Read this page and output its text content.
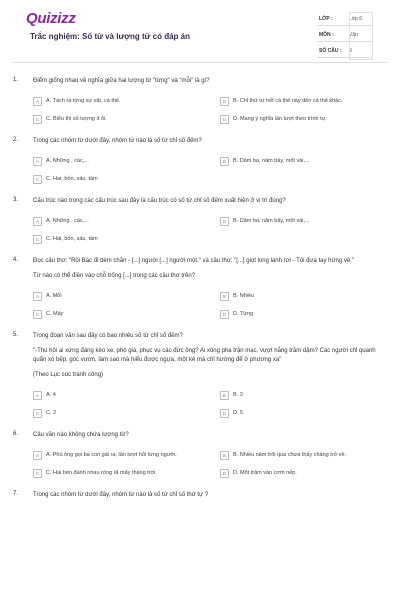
Quizizz
Trắc nghiệm: Số từ và lượng từ có đáp án
LỚP :	Lớp 6
MÔN :	Văn
SỐ CÂU :	9
1.	Điểm giống nhau về nghĩa giữa hai lượng từ "từng" và "mỗi" là gì?
A	A. Tách ra từng sự vật, cá thể.	B	B. Chỉ thứ tự hết cả thể này đến cá thể khác.
C	C. Biểu thị số lượng ít ỏi.	D	D. Mang ý nghĩa lần lượt theo trình tự.
2.	Trong các nhóm từ dưới đây, nhóm từ nào là số từ chỉ số đếm?
A	A. Những , các,...	B	B. Dăm ba, năm bảy, mốt vài,...
C	C. Hai, bốn, sáu, tám
3.	Cấu trúc nào trong các cấu trúc sau đây là cấu trúc có số từ chỉ số đếm xuất hiện ở vị trí đúng?
A	A. Những , các,...	B	B. Dăm ba, năm bảy, một vài,...
C	C. Hai, bốn, sáu, tám
4.	Đọc câu thơ: "Rồi Bác đi dém chăn - [...] người [...] người một." và câu thơ: "[...] giọt long lanh rơi - Tôi đưa tay hứng về."
Từ nào có thể điền vào chỗ trống [...] trong các câu thơ trên?
A	A. Mỗi	B	B. Nhiều
C	C. Mấy	D	D. Từng
5.	Trong đoạn văn sau đây có bao nhiêu số từ chỉ số đếm?
"-Thú hỏi ai xứng đáng kéo xe, phò giá, phục vụ các đức ông? Ai xông pha trận mạc, vượt hằng trăm dặm? Các người chỉ quanh quẩn xó bếp, góc vườn, làm sao mà hiểu được ngựa, một kẻ mà chỉ hướng để ở phương xa"
(Theo Lục súc tranh công)
A	A. 4	B	B. 3
C	C. 2	D	D. 5
6.	Câu văn nào không chứa lượng từ?
A	A. Phú ông gọi ba con gái ra, lần lượt hỏi từng người.	B	B. Nhiều năm trôi qua chưa thấy chàng trở về.
C	C. Hai bên đánh nhau ròng rã mấy tháng trời.	D	D. Một trăm ván cơm nếp.
7.	Trong các nhóm từ dưới đây, nhóm từ nào là số từ chỉ số thứ tự ?
